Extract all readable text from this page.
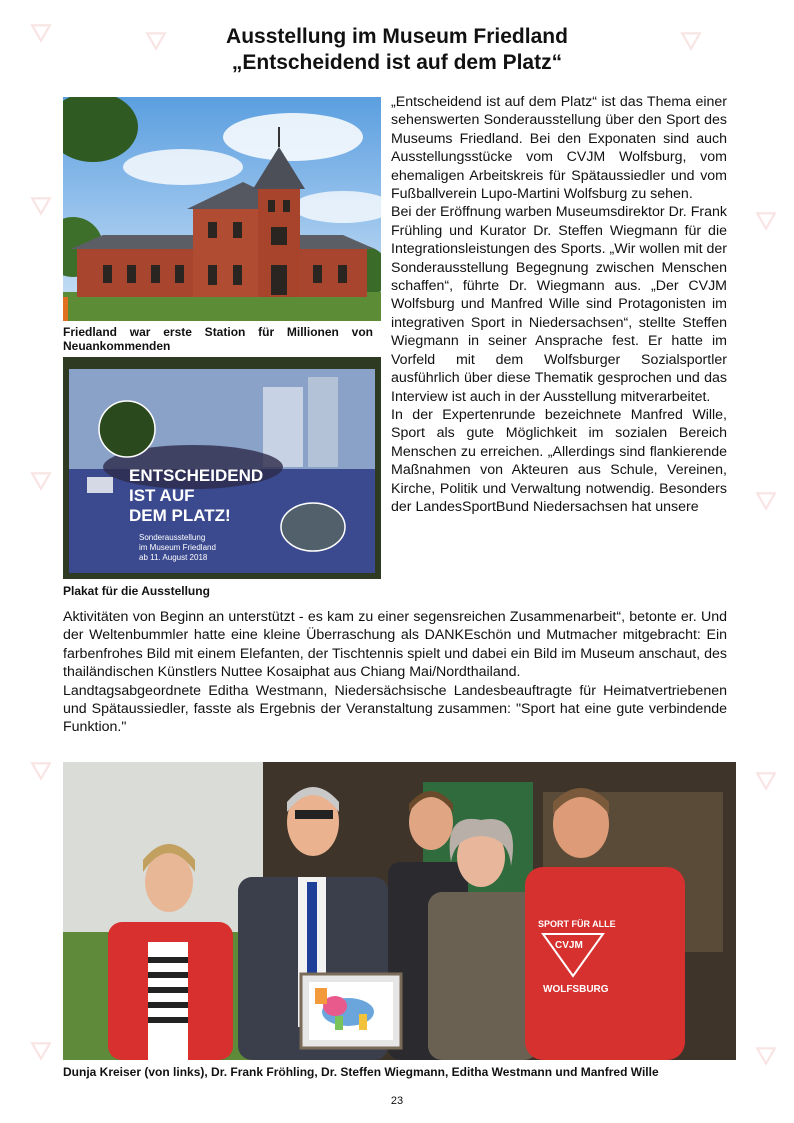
Ausstellung im Museum Friedland
„Entscheidend ist auf dem Platz“
Friedland war erste Station für Millionen von Neuankommenden
ENTSCHEIDEND
IST AUF
DEM PLATZ!
Sonderausstellung
im Museum Friedland
ab 11. August 2018
Plakat für die Ausstellung

„Entscheidend ist auf dem Platz“ ist das Thema einer sehenswerten Sonderausstellung über den Sport des Museums Friedland. Bei den Exponaten sind auch Ausstellungsstücke vom CVJM Wolfsburg, vom ehemaligen Arbeitskreis für Spätaussiedler und vom Fußballverein Lupo-Martini Wolfsburg zu sehen.

Bei der Eröffnung warben Museumsdirektor Dr. Frank Frühling und Kurator Dr. Steffen Wiegmann für die Integrationsleistungen des Sports. „Wir wollen mit der Sonderausstellung Begegnung zwischen Menschen schaffen“, führte Dr. Wiegmann aus. „Der CVJM Wolfsburg und Manfred Wille sind Protagonisten im integrativen Sport in Niedersachsen“, stellte Steffen Wiegmann in seiner Ansprache fest. Er hatte im Vorfeld mit dem Wolfsburger Sozialsportler ausführlich über diese Thematik gesprochen und das Interview ist auch in der Ausstellung mitverarbeitet.

In der Expertenrunde bezeichnete Manfred Wille, Sport als gute Möglichkeit im sozialen Bereich Menschen zu erreichen. „Allerdings sind flankierende Maßnahmen von Akteuren aus Schule, Vereinen, Kirche, Politik und Verwaltung notwendig. Besonders der LandesSportBund Niedersachsen hat unsere

Aktivitäten von Beginn an unterstützt - es kam zu einer segensreichen Zusammenarbeit“, betonte er. Und der Weltenbummler hatte eine kleine Überraschung als DANKEschön und Mutmacher mitgebracht: Ein farbenfrohes Bild mit einem Elefanten, der Tischtennis spielt und dabei ein Bild im Museum anschaut, des thailändischen Künstlers Nuttee Kosaiphat aus Chiang Mai/Nordthailand.

Landtagsabgeordnete Editha Westmann, Niedersächsische Landesbeauftragte für Heimatvertriebenen und Spätaussiedler, fasste als Ergebnis der Veranstaltung zusammen: "Sport hat eine gute verbindende Funktion."

SPORT FÜR ALLE
CVJM
WOLFSBURG
Dunja Kreiser (von links), Dr. Frank Fröhling, Dr. Steffen Wiegmann, Editha Westmann und Manfred Wille
23
